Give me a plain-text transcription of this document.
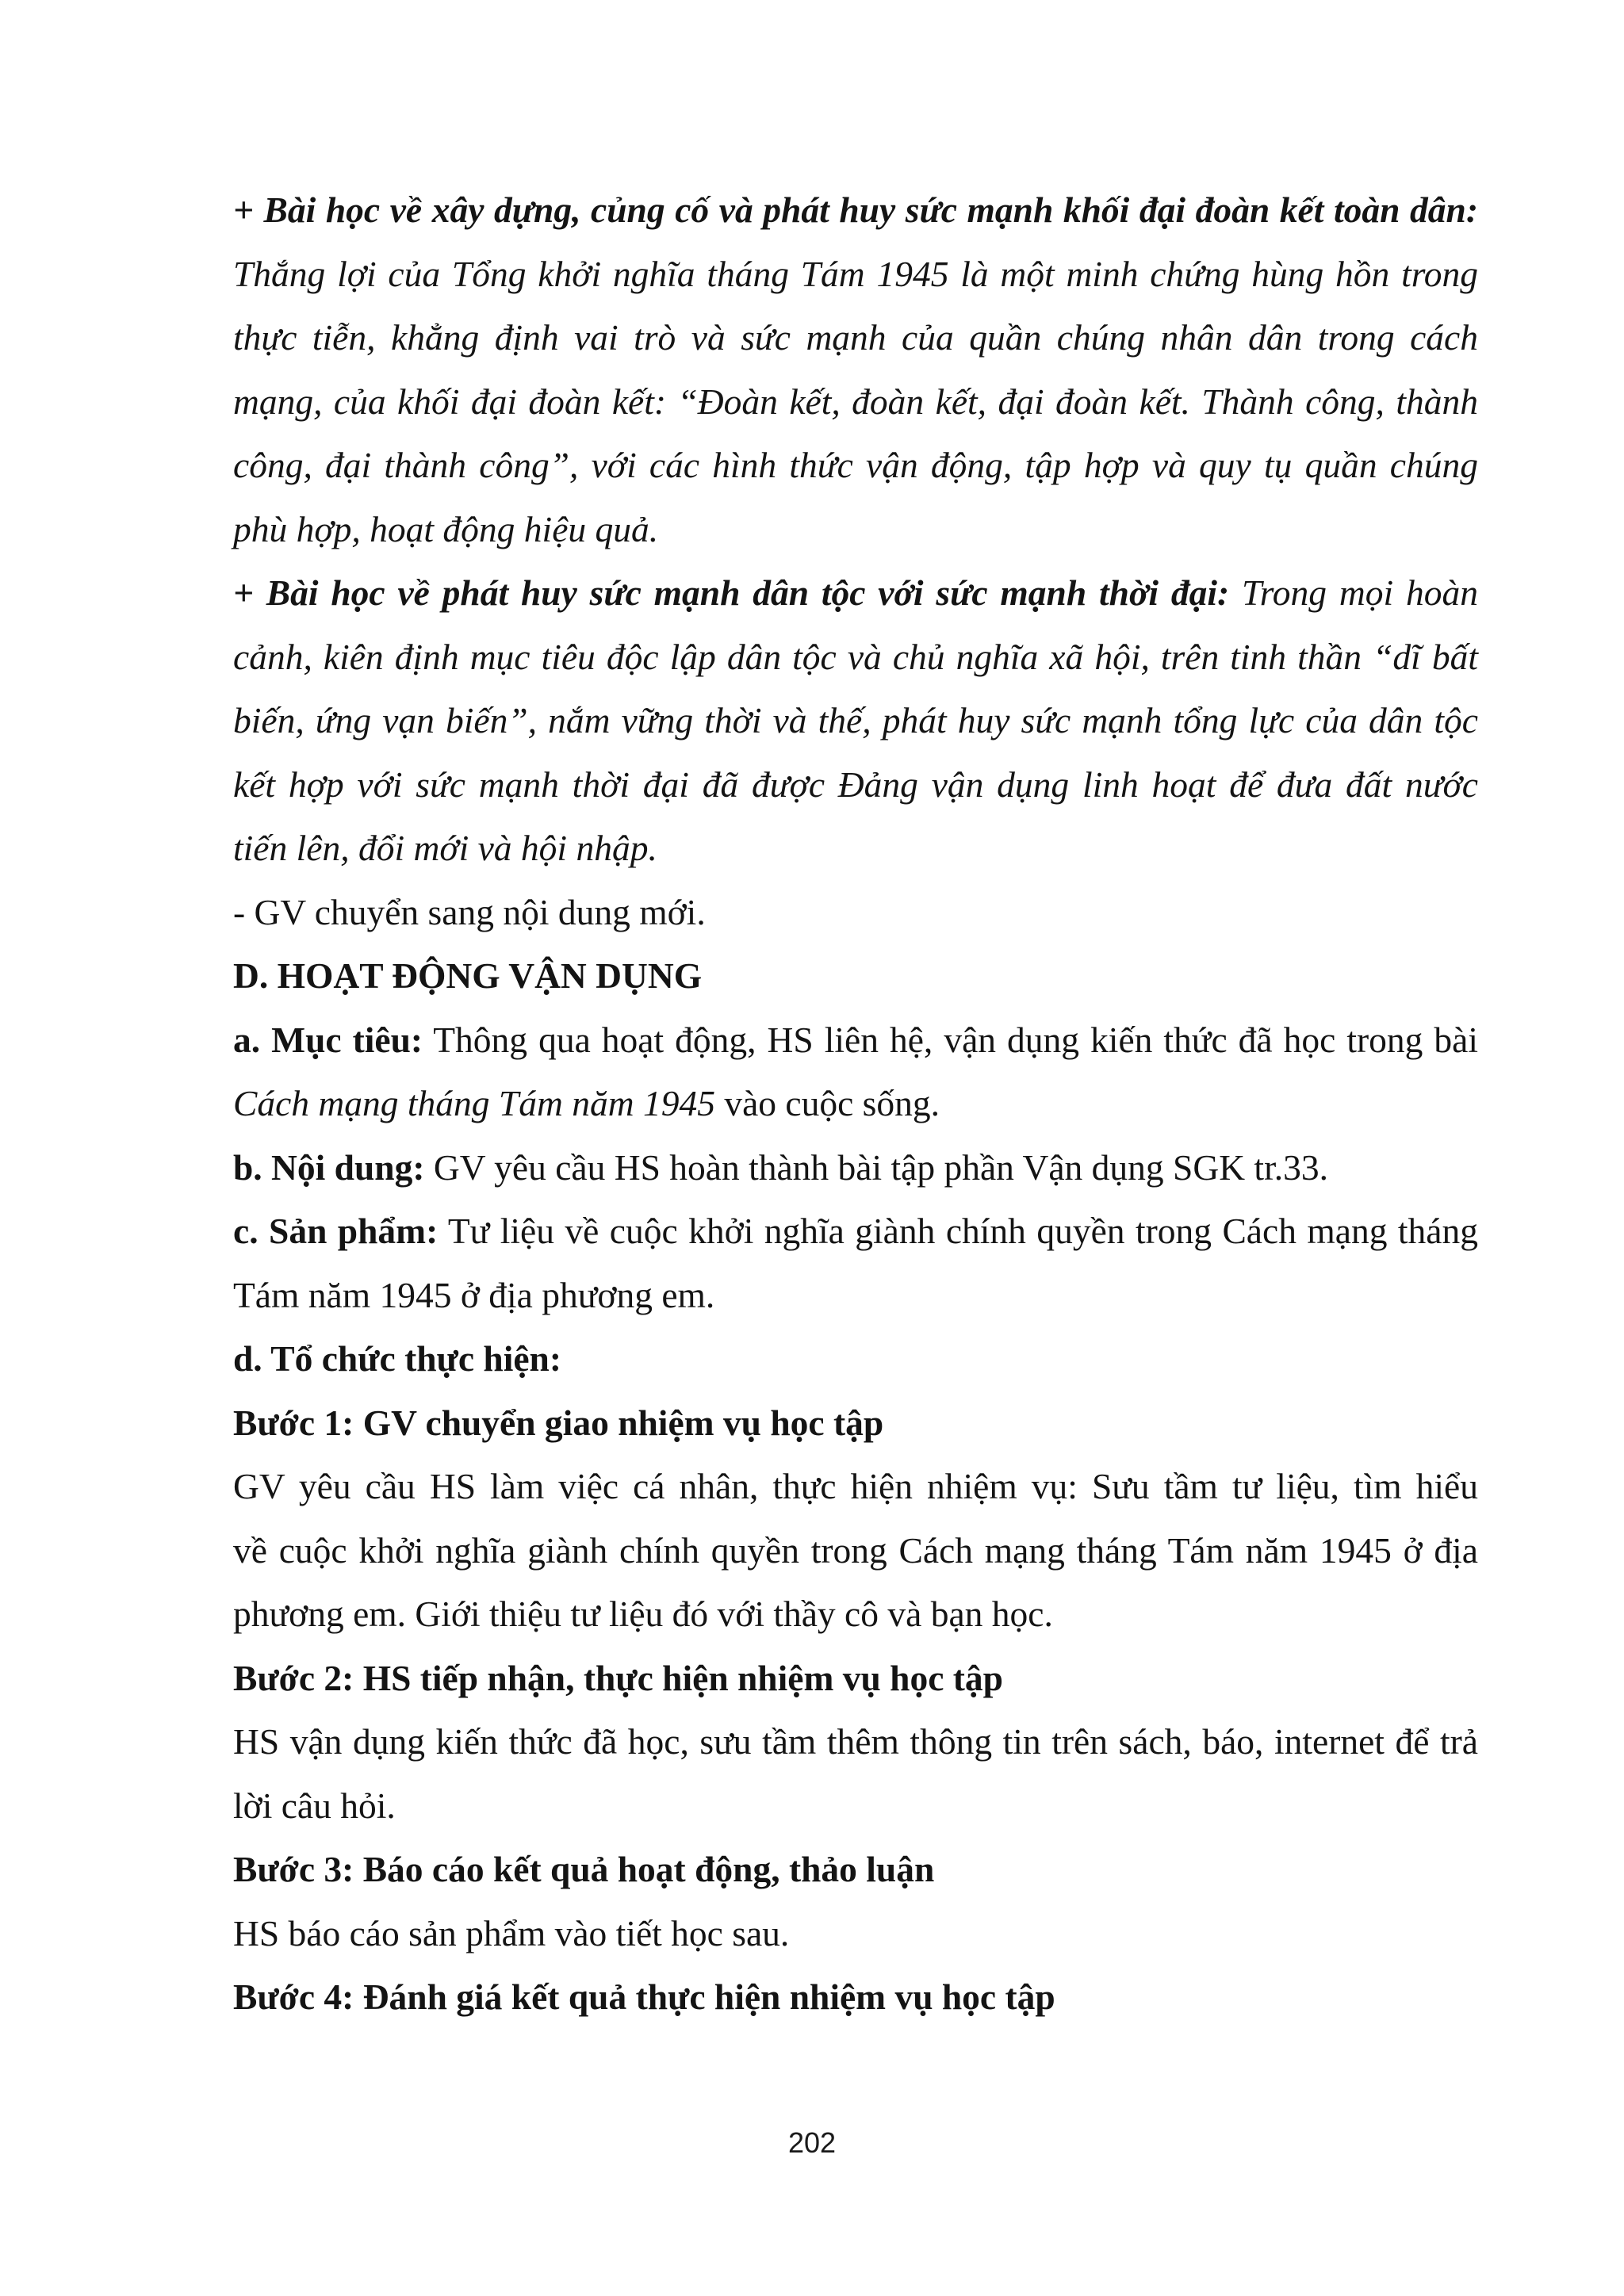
+ Bài học về xây dựng, củng cố và phát huy sức mạnh khối đại đoàn kết toàn dân:
Thắng lợi của Tổng khởi nghĩa tháng Tám 1945 là một minh chứng hùng hồn trong
thực tiễn, khẳng định vai trò và sức mạnh của quần chúng nhân dân trong cách
mạng, của khối đại đoàn kết: “Đoàn kết, đoàn kết, đại đoàn kết. Thành công, thành
công, đại thành công”, với các hình thức vận động, tập hợp và quy tụ quần chúng
phù hợp, hoạt động hiệu quả.
+ Bài học về phát huy sức mạnh dân tộc với sức mạnh thời đại: Trong mọi hoàn
cảnh, kiên định mục tiêu độc lập dân tộc và chủ nghĩa xã hội, trên tinh thần “dĩ bất
biến, ứng vạn biến”, nắm vững thời và thế, phát huy sức mạnh tổng lực của dân tộc
kết hợp với sức mạnh thời đại đã được Đảng vận dụng linh hoạt để đưa đất nước
tiến lên, đổi mới và hội nhập.
- GV chuyển sang nội dung mới.
D. HOẠT ĐỘNG VẬN DỤNG
a. Mục tiêu: Thông qua hoạt động, HS liên hệ, vận dụng kiến thức đã học trong bài
Cách mạng tháng Tám năm 1945 vào cuộc sống.
b. Nội dung: GV yêu cầu HS hoàn thành bài tập phần Vận dụng SGK tr.33.
c. Sản phẩm: Tư liệu về cuộc khởi nghĩa giành chính quyền trong Cách mạng tháng
Tám năm 1945 ở địa phương em.
d. Tổ chức thực hiện:
Bước 1: GV chuyển giao nhiệm vụ học tập
GV yêu cầu HS làm việc cá nhân, thực hiện nhiệm vụ: Sưu tầm tư liệu, tìm hiểu
về cuộc khởi nghĩa giành chính quyền trong Cách mạng tháng Tám năm 1945 ở địa
phương em. Giới thiệu tư liệu đó với thầy cô và bạn học.
Bước 2: HS tiếp nhận, thực hiện nhiệm vụ học tập
HS vận dụng kiến thức đã học, sưu tầm thêm thông tin trên sách, báo, internet để trả
lời câu hỏi.
Bước 3: Báo cáo kết quả hoạt động, thảo luận
HS báo cáo sản phẩm vào tiết học sau.
Bước 4: Đánh giá kết quả thực hiện nhiệm vụ học tập
202
